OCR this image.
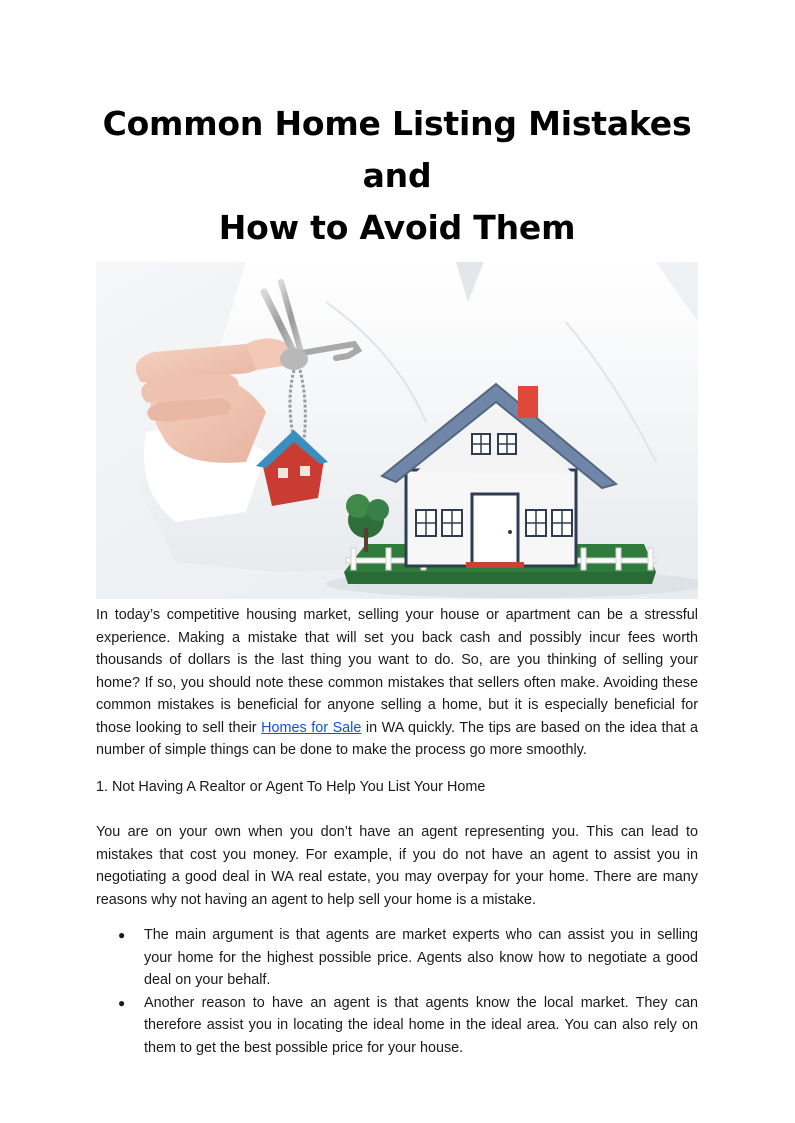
Common Home Listing Mistakes and
How to Avoid Them

In today’s competitive housing market, selling your house or apartment can be a stressful experience. Making a mistake that will set you back cash and possibly incur fees worth thousands of dollars is the last thing you want to do. So, are you thinking of selling your home? If so, you should note these common mistakes that sellers often make. Avoiding these common mistakes is beneficial for anyone selling a home, but it is especially beneficial for those looking to sell their Homes for Sale in WA quickly. The tips are based on the idea that a number of simple things can be done to make the process go more smoothly.

1. Not Having A Realtor or Agent To Help You List Your Home

You are on your own when you don’t have an agent representing you. This can lead to mistakes that cost you money. For example, if you do not have an agent to assist you in negotiating a good deal in WA real estate, you may overpay for your home. There are many reasons why not having an agent to help sell your home is a mistake.

● The main argument is that agents are market experts who can assist you in selling your home for the highest possible price. Agents also know how to negotiate a good deal on your behalf.
● Another reason to have an agent is that agents know the local market. They can therefore assist you in locating the ideal home in the ideal area. You can also rely on them to get the best possible price for your house.
